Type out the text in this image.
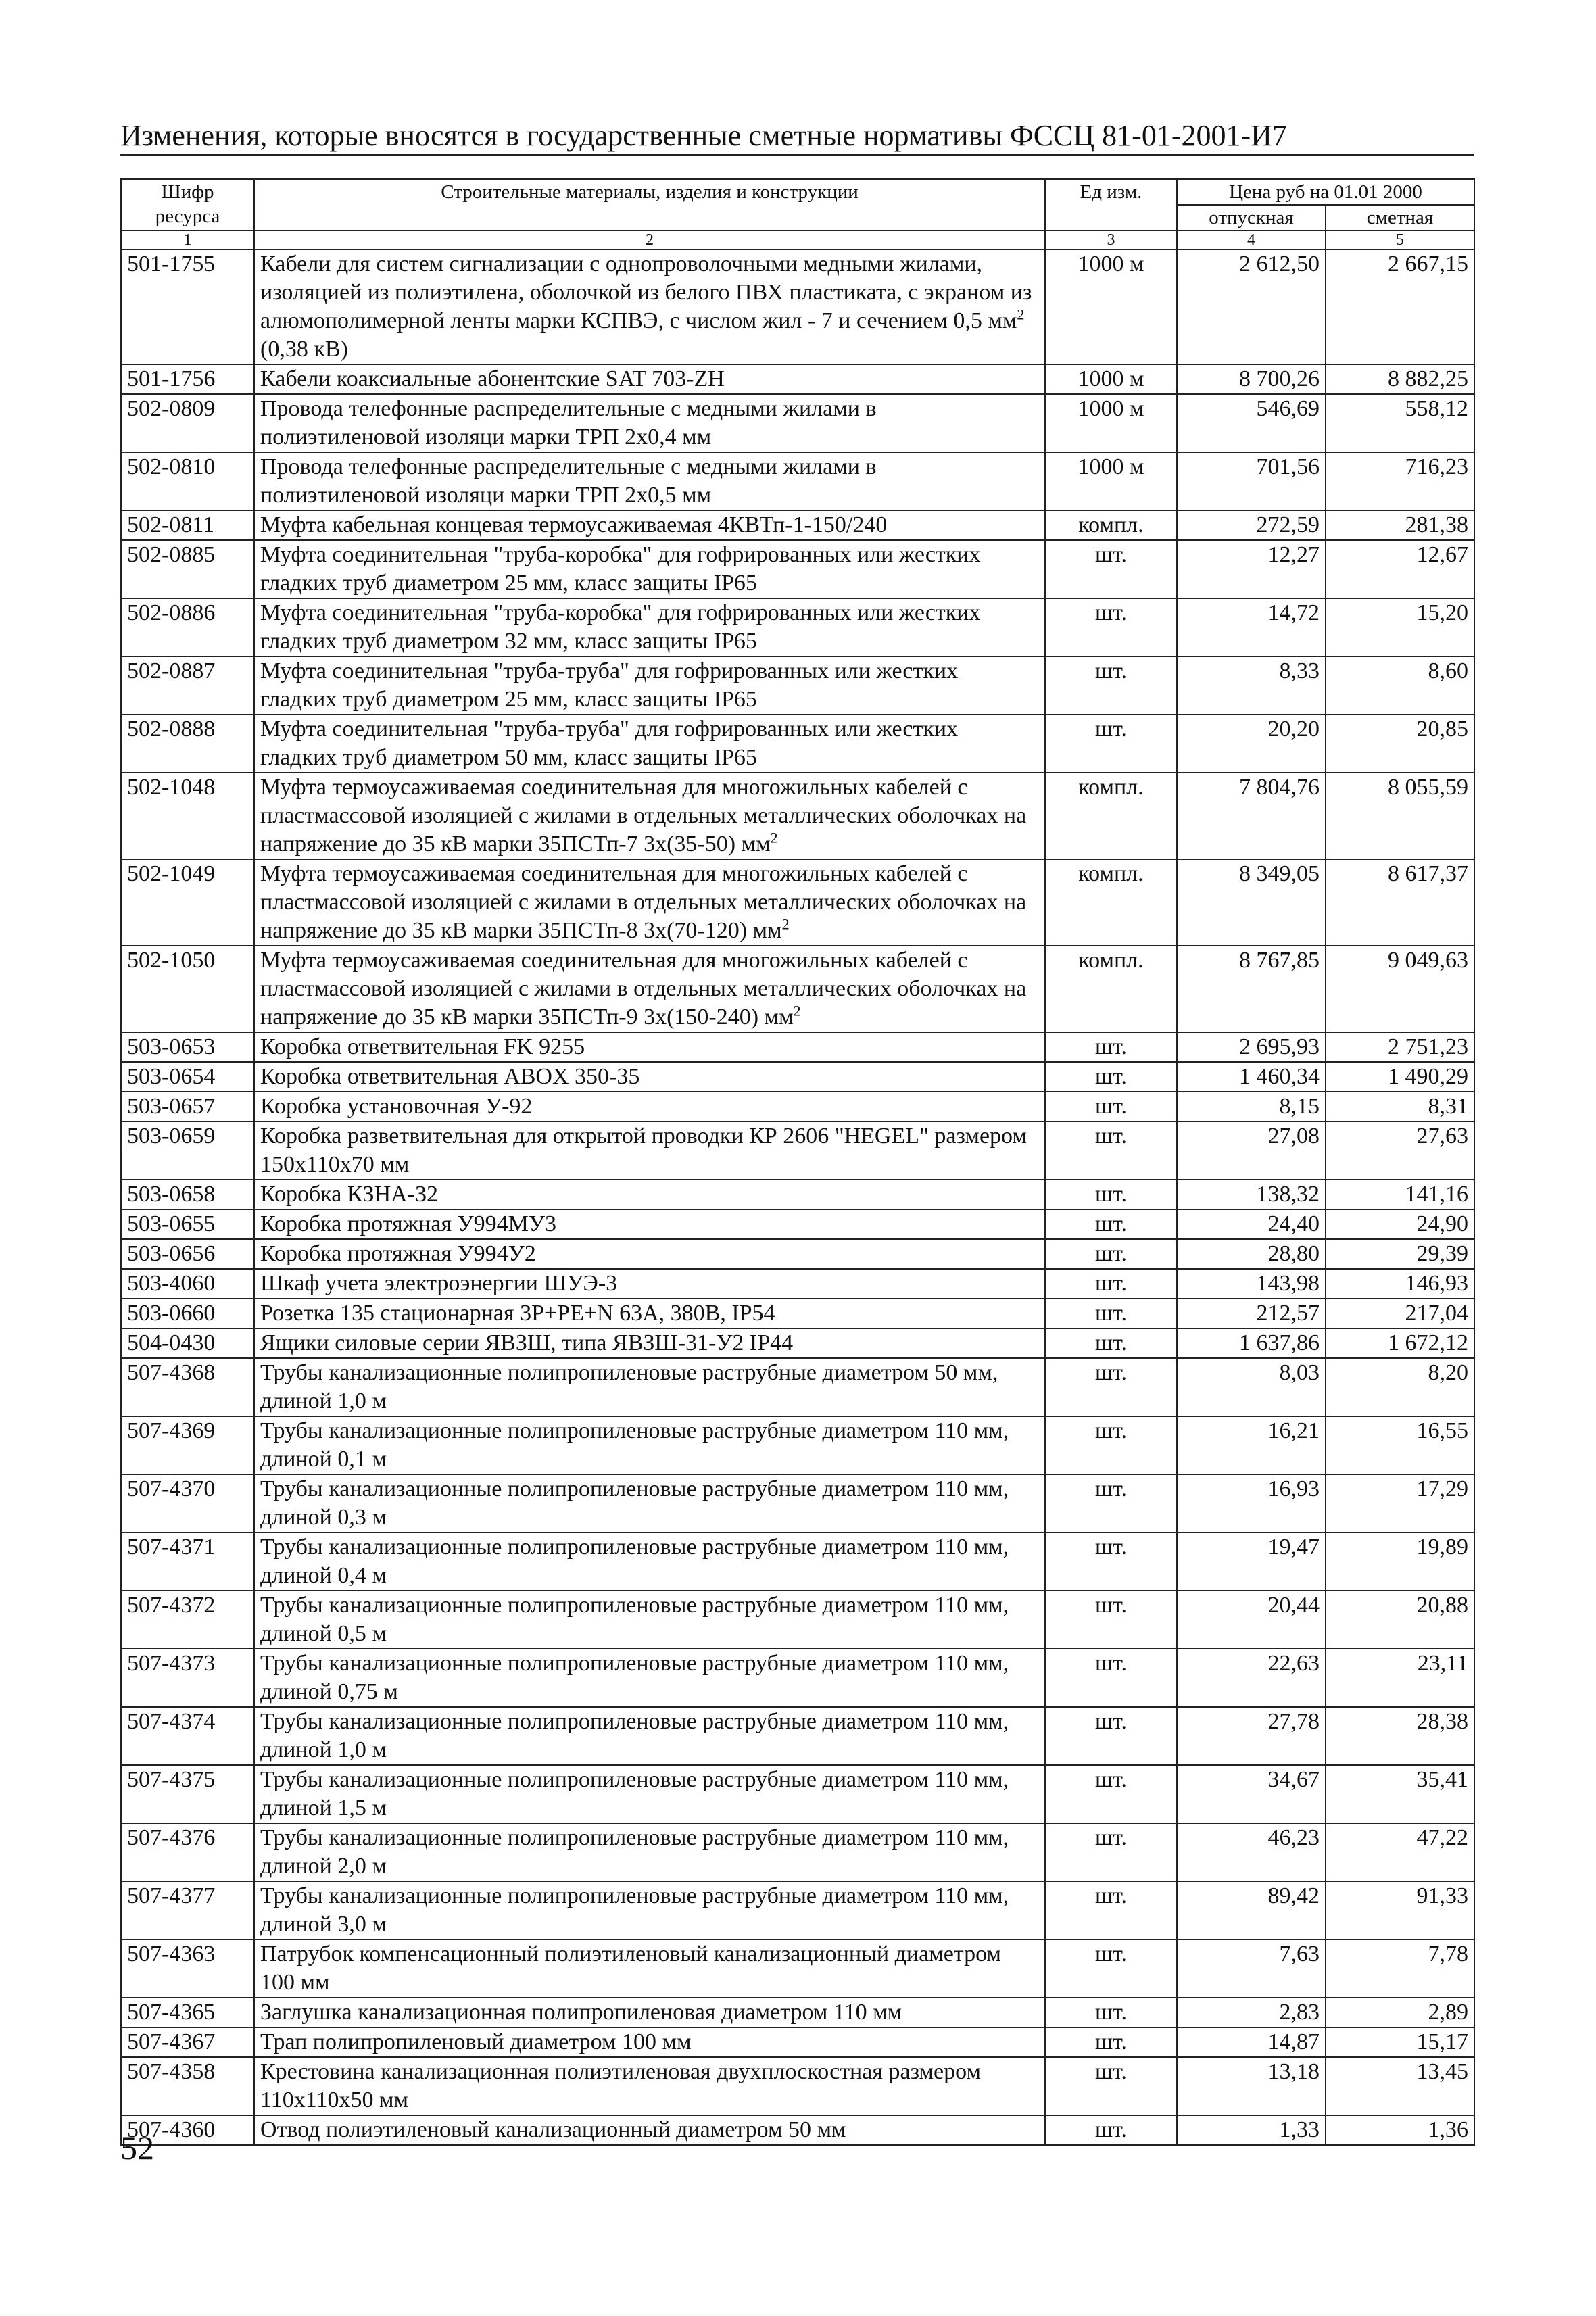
Изменения, которые вносятся в государственные сметные нормативы ФССЦ 81-01-2001-И7
Шифр ресурса	Строительные материалы, изделия и конструкции	Ед изм.	Цена руб на 01.01 2000	
			отпускная	сметная
1	2	3	4	5
501-1755	Кабели для систем сигнализации с однопроволочными медными жилами, изоляцией из полиэтилена, оболочкой из белого ПВХ пластиката, с экраном из алюмополимерной ленты марки КСПВЭ, с числом жил - 7 и сечением 0,5 $мм^2$ (0,38 кВ)	1000 м	2 612,50	2 667,15
501-1756	Кабели коаксиальные абонентские SAT 703-ZH	1000 м	8 700,26	8 882,25
502-0809	Провода телефонные распределительные с медными жилами в полиэтиленовой изоляци марки ТРП 2х0,4 мм	1000 м	546,69	558,12
502-0810	Провода телефонные распределительные с медными жилами в полиэтиленовой изоляци марки ТРП 2х0,5 мм	1000 м	701,56	716,23
502-0811	Муфта кабельная концевая термоусаживаемая 4КВТп-1-150/240	компл.	272,59	281,38
502-0885	Муфта соединительная "труба-коробка" для гофрированных или жестких гладких труб диаметром 25 мм, класс защиты IP65	шт.	12,27	12,67
502-0886	Муфта соединительная "труба-коробка" для гофрированных или жестких гладких труб диаметром 32 мм, класс защиты IP65	шт.	14,72	15,20
502-0887	Муфта соединительная "труба-труба" для гофрированных или жестких гладких труб диаметром 25 мм, класс защиты IP65	шт.	8,33	8,60
502-0888	Муфта соединительная "труба-труба" для гофрированных или жестких гладких труб диаметром 50 мм, класс защиты IP65	шт.	20,20	20,85
502-1048	Муфта термоусаживаемая соединительная для многожильных кабелей с пластмассовой изоляцией с жилами в отдельных металлических оболочках на напряжение до 35 кВ марки 35ПСТп-7 3х(35-50) $мм^2$	компл.	7 804,76	8 055,59
502-1049	Муфта термоусаживаемая соединительная для многожильных кабелей с пластмассовой изоляцией с жилами в отдельных металлических оболочках на напряжение до 35 кВ марки 35ПСТп-8 3х(70-120) $мм^2$	компл.	8 349,05	8 617,37
502-1050	Муфта термоусаживаемая соединительная для многожильных кабелей с пластмассовой изоляцией с жилами в отдельных металлических оболочках на напряжение до 35 кВ марки 35ПСТп-9 3х(150-240) $мм^2$	компл.	8 767,85	9 049,63
503-0653	Коробка ответвительная FK 9255	шт.	2 695,93	2 751,23
503-0654	Коробка ответвительная ABOX 350-35	шт.	1 460,34	1 490,29
503-0657	Коробка установочная У-92	шт.	8,15	8,31
503-0659	Коробка разветвительная для открытой проводки КР 2606 "HEGEL" размером 150х110х70 мм	шт.	27,08	27,63
503-0658	Коробка КЗНА-32	шт.	138,32	141,16
503-0655	Коробка протяжная У994МУ3	шт.	24,40	24,90
503-0656	Коробка протяжная У994У2	шт.	28,80	29,39
503-4060	Шкаф учета электроэнергии ШУЭ-3	шт.	143,98	146,93
503-0660	Розетка 135 стационарная 3P+PE+N 63A, 380B, IP54	шт.	212,57	217,04
504-0430	Ящики силовые серии ЯВЗШ, типа ЯВЗШ-31-У2 IP44	шт.	1 637,86	1 672,12
507-4368	Трубы канализационные полипропиленовые раструбные диаметром 50 мм, длиной 1,0 м	шт.	8,03	8,20
507-4369	Трубы канализационные полипропиленовые раструбные диаметром 110 мм, длиной 0,1 м	шт.	16,21	16,55
507-4370	Трубы канализационные полипропиленовые раструбные диаметром 110 мм, длиной 0,3 м	шт.	16,93	17,29
507-4371	Трубы канализационные полипропиленовые раструбные диаметром 110 мм, длиной 0,4 м	шт.	19,47	19,89
507-4372	Трубы канализационные полипропиленовые раструбные диаметром 110 мм, длиной 0,5 м	шт.	20,44	20,88
507-4373	Трубы канализационные полипропиленовые раструбные диаметром 110 мм, длиной 0,75 м	шт.	22,63	23,11
507-4374	Трубы канализационные полипропиленовые раструбные диаметром 110 мм, длиной 1,0 м	шт.	27,78	28,38
507-4375	Трубы канализационные полипропиленовые раструбные диаметром 110 мм, длиной 1,5 м	шт.	34,67	35,41
507-4376	Трубы канализационные полипропиленовые раструбные диаметром 110 мм, длиной 2,0 м	шт.	46,23	47,22
507-4377	Трубы канализационные полипропиленовые раструбные диаметром 110 мм, длиной 3,0 м	шт.	89,42	91,33
507-4363	Патрубок компенсационный полиэтиленовый канализационный диаметром 100 мм	шт.	7,63	7,78
507-4365	Заглушка канализационная полипропиленовая диаметром 110 мм	шт.	2,83	2,89
507-4367	Трап полипропиленовый диаметром 100 мм	шт.	14,87	15,17
507-4358	Крестовина канализационная полиэтиленовая двухплоскостная размером 110х110х50 мм	шт.	13,18	13,45
507-4360	Отвод полиэтиленовый канализационный диаметром 50 мм	шт.	1,33	1,36
52
